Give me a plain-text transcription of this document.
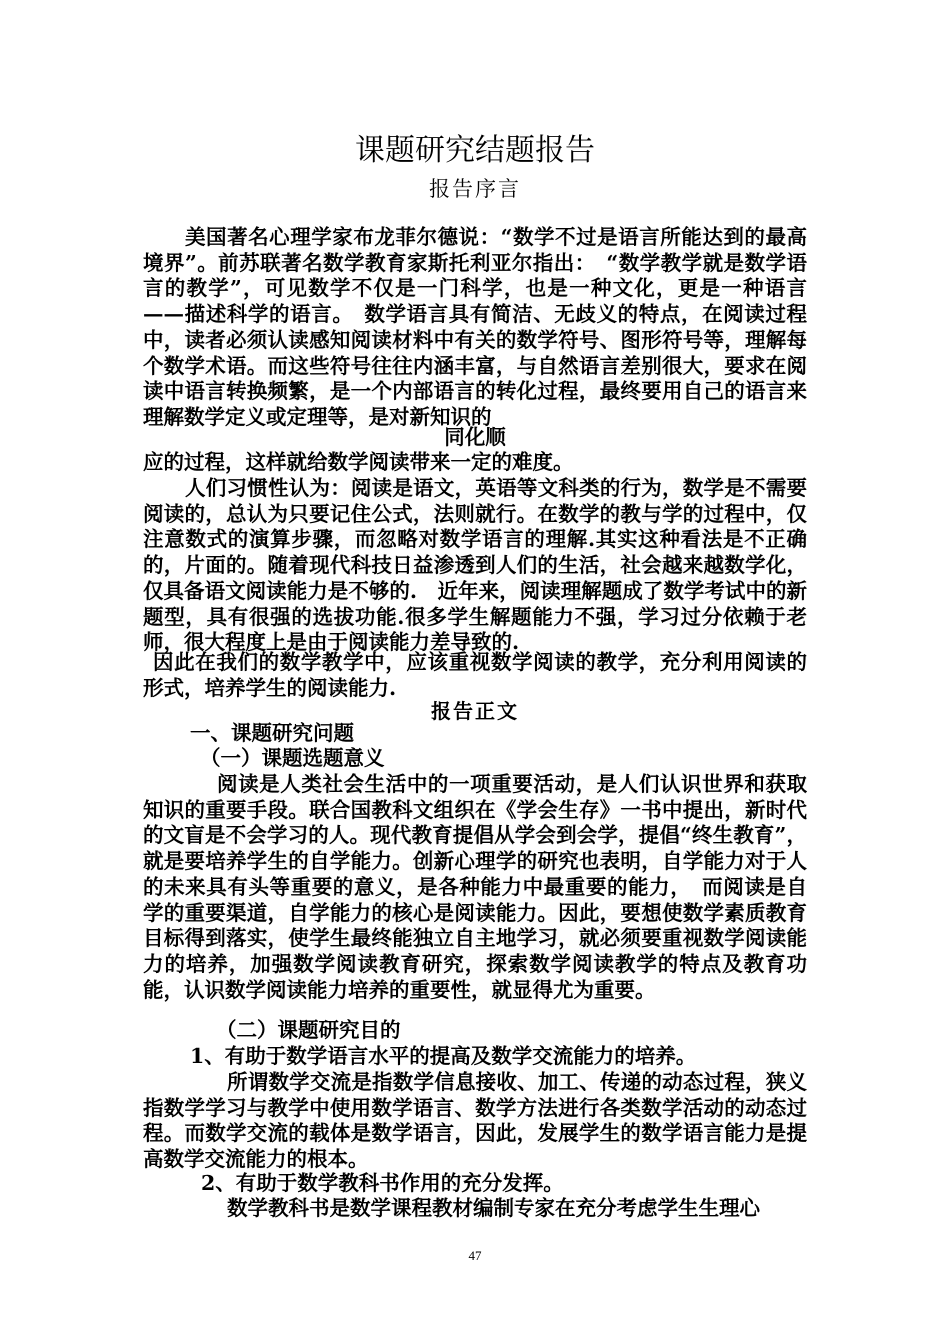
课题研究结题报告
报告序言

美国著名心理学家布龙菲尔德说：“数学不过是语言所能达到的最高境界”。前苏联著名数学教育家斯托利亚尔指出：　“数学教学就是数学语言的教学”，可见数学不仅是一门科学，也是一种文化，更是一种语言——描述科学的语言。　数学语言具有简洁、无歧义的特点，在阅读过程中，读者必须认读感知阅读材料中有关的数学符号、图形符号等，理解每个数学术语。而这些符号往往内涵丰富，与自然语言差别很大，要求在阅读中语言转换频繁，是一个内部语言的转化过程，最终要用自己的语言来理解数学定义或定理等，是对新知识的

同化顺
应的过程，这样就给数学阅读带来一定的难度。

人们习惯性认为：阅读是语文，英语等文科类的行为，数学是不需要阅读的，总认为只要记住公式，法则就行。在数学的教与学的过程中，仅注意数式的演算步骤，而忽略对数学语言的理解.其实这种看法是不正确的，片面的。随着现代科技日益渗透到人们的生活，社会越来越数学化，仅具备语文阅读能力是不够的.　近年来，阅读理解题成了数学考试中的新题型，具有很强的选拔功能.很多学生解题能力不强，学习过分依赖于老师，很大程度上是由于阅读能力差导致的.

因此在我们的数学教学中，应该重视数学阅读的教学，充分利用阅读的形式，培养学生的阅读能力.

报告正文
一、课题研究问题
（一）课题选题意义

阅读是人类社会生活中的一项重要活动，是人们认识世界和获取知识的重要手段。联合国教科文组织在《学会生存》一书中提出，新时代的文盲是不会学习的人。现代教育提倡从学会到会学，提倡“终生教育”，就是要培养学生的自学能力。创新心理学的研究也表明，自学能力对于人的未来具有头等重要的意义，是各种能力中最重要的能力，　而阅读是自学的重要渠道，自学能力的核心是阅读能力。因此，要想使数学素质教育目标得到落实，使学生最终能独立自主地学习，就必须要重视数学阅读能力的培养，加强数学阅读教育研究，探索数学阅读教学的特点及教育功能，认识数学阅读能力培养的重要性，就显得尤为重要。

（二）课题研究目的
1、有助于数学语言水平的提高及数学交流能力的培养。

所谓数学交流是指数学信息接收、加工、传递的动态过程，狭义指数学学习与教学中使用数学语言、数学方法进行各类数学活动的动态过程。而数学交流的载体是数学语言，因此，发展学生的数学语言能力是提高数学交流能力的根本。

2、有助于数学教科书作用的充分发挥。
数学教科书是数学课程教材编制专家在充分考虑学生生理心
47
